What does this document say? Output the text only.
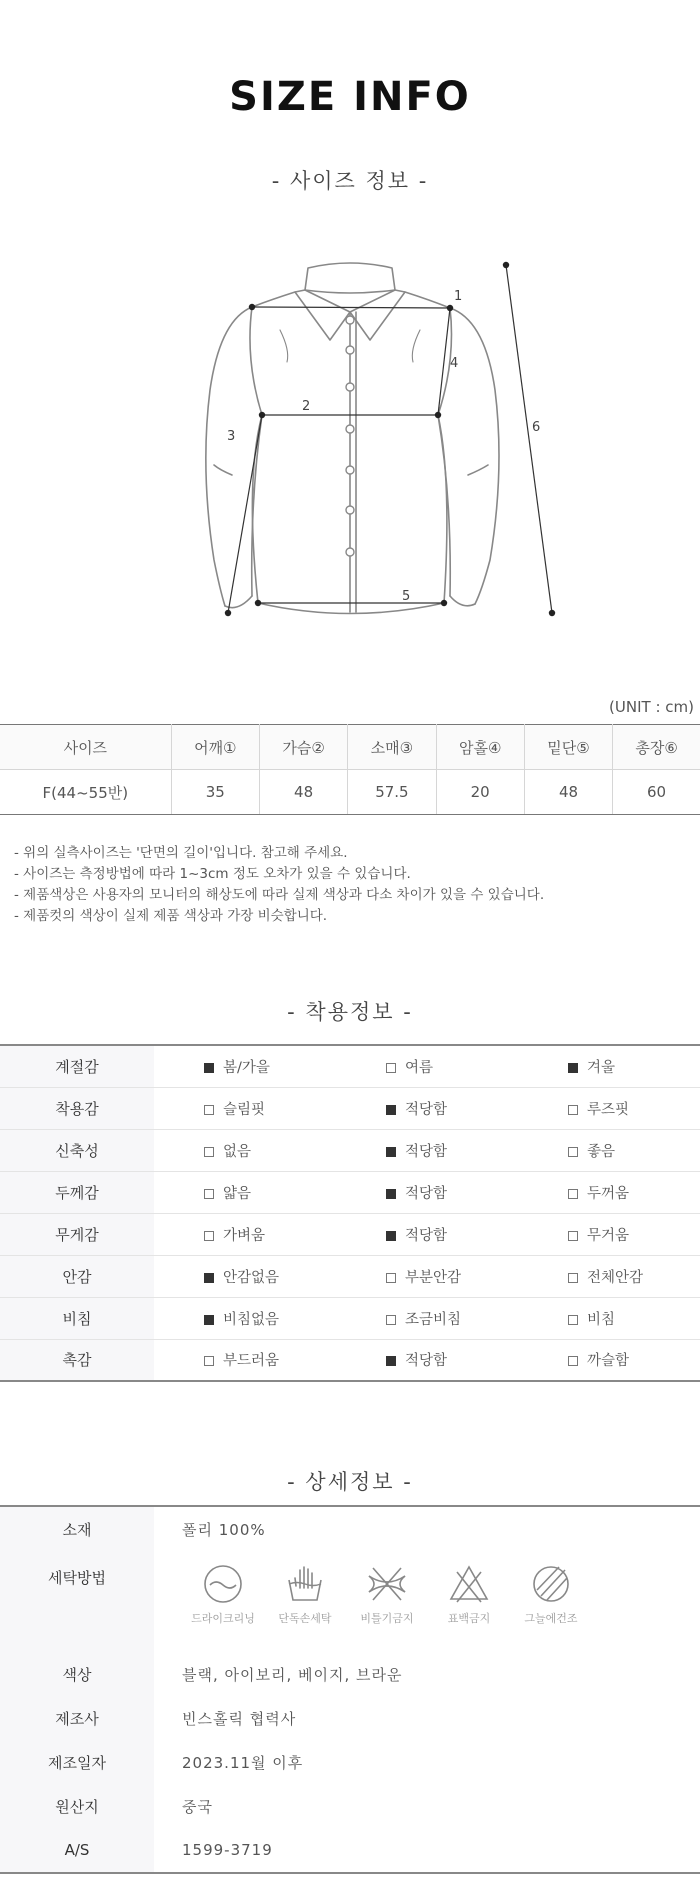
SIZE INFO
- 사이즈 정보 -
1
2
3
4
5
6
(UNIT : cm)
사이즈	어깨①	가슴②	소매③	암홀④	밑단⑤	총장⑥
F(44~55반)	35	48	57.5	20	48	60
- 위의 실측사이즈는 '단면의 길이'입니다. 참고해 주세요.
- 사이즈는 측정방법에 따라 1~3cm 정도 오차가 있을 수 있습니다.
- 제품색상은 사용자의 모니터의 해상도에 따라 실제 색상과 다소 차이가 있을 수 있습니다.
- 제품컷의 색상이 실제 제품 색상과 가장 비슷합니다.
- 착용정보 -
계절감	봄/가을	여름	겨울
착용감	슬림핏	적당함	루즈핏
신축성	없음	적당함	좋음
두께감	얇음	적당함	두꺼움
무게감	가벼움	적당함	무거움
안감	안감없음	부분안감	전체안감
비침	비침없음	조금비침	비침
촉감	부드러움	적당함	까슬함
- 상세정보 -
소재	폴리 100%
세탁방법	드라이크리닝 단독손세탁 비틀기금지 표백금지 그늘에건조

색상	블랙, 아이보리, 베이지, 브라운
제조사	빈스홀릭 협력사
제조일자	2023.11월 이후
원산지	중국
A/S	1599-3719
